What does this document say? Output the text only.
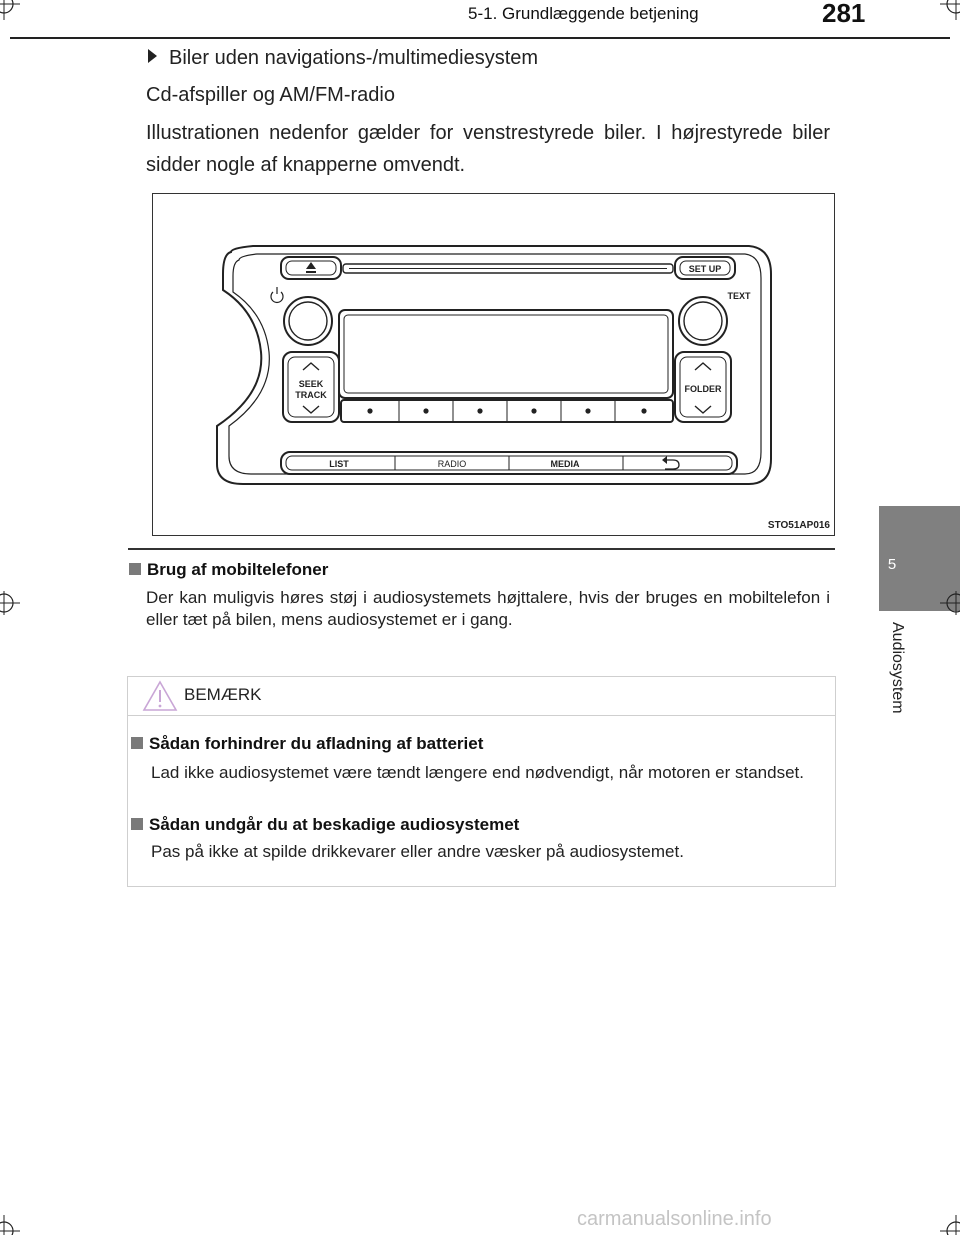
5-1. Grundlæggende betjening	281
5
Audiosystem
Biler uden navigations-/multimediesystem
Cd-afspiller og AM/FM-radio
Illustrationen nedenfor gælder for venstrestyrede biler. I højrestyrede biler sidder nogle af knapperne omvendt.
SET UP
TEXT
SEEK
TRACK
FOLDER
LIST	RADIO	MEDIA
STO51AP016
Brug af mobiltelefoner
Der kan muligvis høres støj i audiosystemets højttalere, hvis der bruges en mobiltelefon i eller tæt på bilen, mens audiosystemet er i gang.
BEMÆRK
Sådan forhindrer du afladning af batteriet
Lad ikke audiosystemet være tændt længere end nødvendigt, når motoren er standset.
Sådan undgår du at beskadige audiosystemet
Pas på ikke at spilde drikkevarer eller andre væsker på audiosystemet.
carmanualsonline.info
